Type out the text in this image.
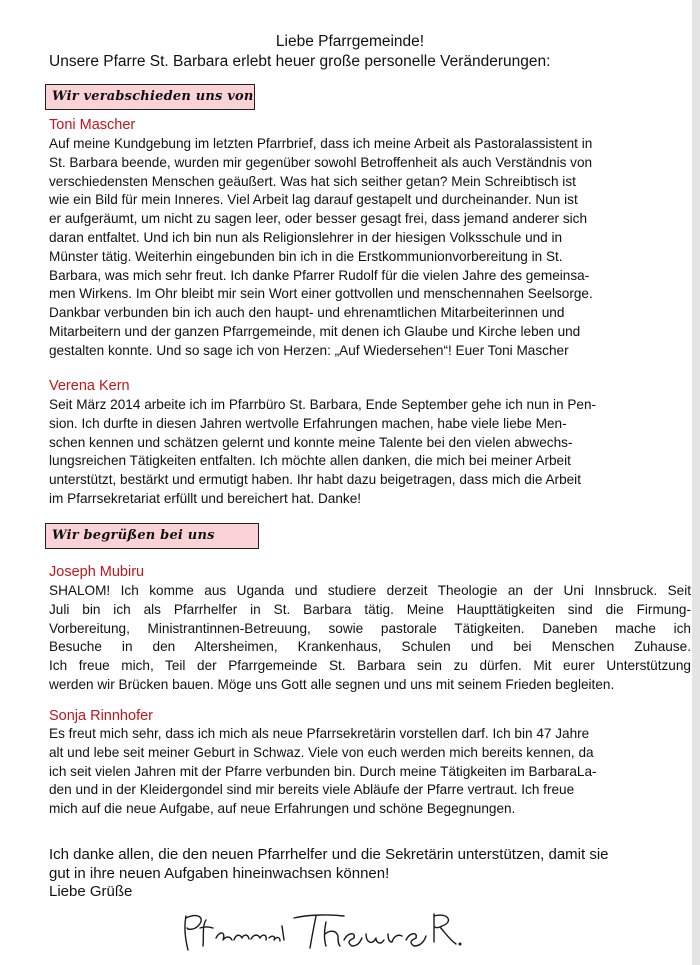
Liebe Pfarrgemeinde!
Unsere Pfarre St. Barbara erlebt heuer große personelle Veränderungen:
Wir verabschieden uns von
Toni Mascher
Auf meine Kundgebung im letzten Pfarrbrief, dass ich meine Arbeit als Pastoralassistent in
St. Barbara beende, wurden mir gegenüber sowohl Betroffenheit als auch Verständnis von
verschiedensten Menschen geäußert. Was hat sich seither getan? Mein Schreibtisch ist
wie ein Bild für mein Inneres. Viel Arbeit lag darauf gestapelt und durcheinander. Nun ist
er aufgeräumt, um nicht zu sagen leer, oder besser gesagt frei, dass jemand anderer sich
daran entfaltet. Und ich bin nun als Religionslehrer in der hiesigen Volksschule und in
Münster tätig. Weiterhin eingebunden bin ich in die Erstkommunionvorbereitung in St.
Barbara, was mich sehr freut. Ich danke Pfarrer Rudolf für die vielen Jahre des gemeinsa-
men Wirkens. Im Ohr bleibt mir sein Wort einer gottvollen und menschennahen Seelsorge.
Dankbar verbunden bin ich auch den haupt- und ehrenamtlichen Mitarbeiterinnen und
Mitarbeitern und der ganzen Pfarrgemeinde, mit denen ich Glaube und Kirche leben und
gestalten konnte. Und so sage ich von Herzen: „Auf Wiedersehen“! Euer Toni Mascher
Verena Kern
Seit März 2014 arbeite ich im Pfarrbüro St. Barbara, Ende September gehe ich nun in Pen-
sion. Ich durfte in diesen Jahren wertvolle Erfahrungen machen, habe viele liebe Men-
schen kennen und schätzen gelernt und konnte meine Talente bei den vielen abwechs-
lungsreichen Tätigkeiten entfalten. Ich möchte allen danken, die mich bei meiner Arbeit
unterstützt, bestärkt und ermutigt haben. Ihr habt dazu beigetragen, dass mich die Arbeit
im Pfarrsekretariat erfüllt und bereichert hat. Danke!
Wir begrüßen bei uns
Joseph Mubiru
SHALOM! Ich komme aus Uganda und studiere derzeit Theologie an der Uni Innsbruck. Seit
Juli bin ich als Pfarrhelfer in St. Barbara tätig. Meine Haupttätigkeiten sind die Firmung-
Vorbereitung, Ministrantinnen-Betreuung, sowie pastorale Tätigkeiten. Daneben mache ich
Besuche in den Altersheimen, Krankenhaus, Schulen und bei Menschen Zuhause.
Ich freue mich, Teil der Pfarrgemeinde St. Barbara sein zu dürfen. Mit eurer Unterstützung
werden wir Brücken bauen. Möge uns Gott alle segnen und uns mit seinem Frieden begleiten.
Sonja Rinnhofer
Es freut mich sehr, dass ich mich als neue Pfarrsekretärin vorstellen darf. Ich bin 47 Jahre
alt und lebe seit meiner Geburt in Schwaz. Viele von euch werden mich bereits kennen, da
ich seit vielen Jahren mit der Pfarre verbunden bin. Durch meine Tätigkeiten im BarbaraLa-
den und in der Kleidergondel sind mir bereits viele Abläufe der Pfarre vertraut. Ich freue
mich auf die neue Aufgabe, auf neue Erfahrungen und schöne Begegnungen.
Ich danke allen, die den neuen Pfarrhelfer und die Sekretärin unterstützen, damit sie
gut in ihre neuen Aufgaben hineinwachsen können!
Liebe Grüße
